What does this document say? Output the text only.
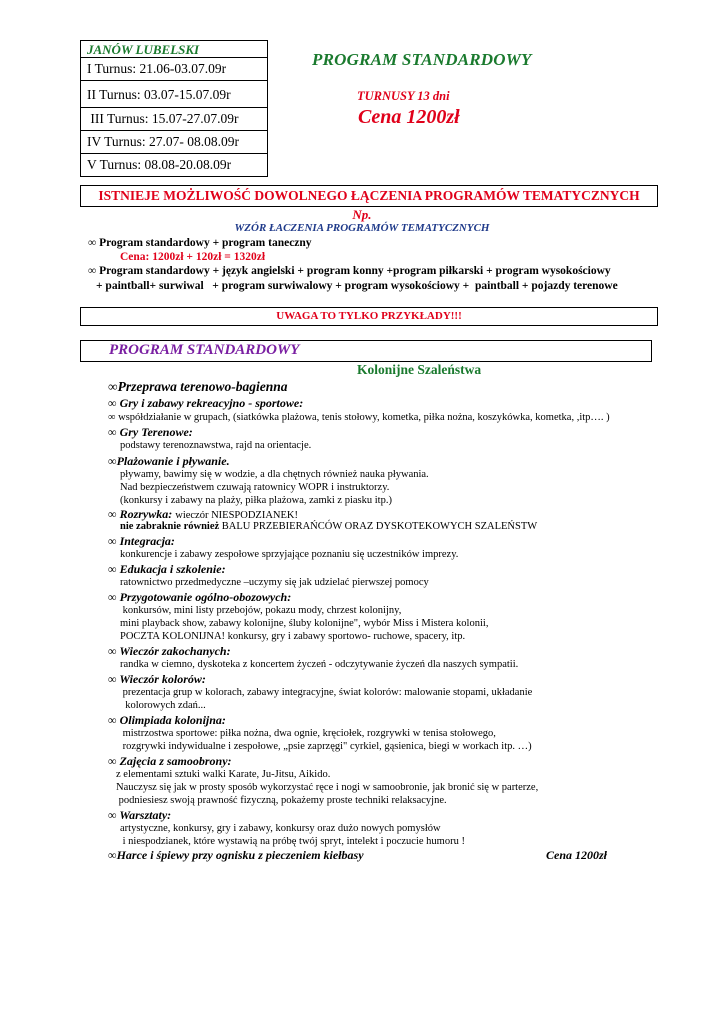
JANÓW LUBELSKI
I Turnus: 21.06-03.07.09r
II Turnus: 03.07-15.07.09r
III Turnus: 15.07-27.07.09r
IV Turnus: 27.07- 08.08.09r
V Turnus: 08.08-20.08.09r
PROGRAM STANDARDOWY
TURNUSY 13 dni
Cena 1200zł
ISTNIEJE MOŻLIWOŚĆ DOWOLNEGO ŁĄCZENIA PROGRAMÓW TEMATYCZNYCH
Np.
WZÓR ŁACZENIA PROGRAMÓW TEMATYCZNYCH
∞ Program standardowy + program taneczny
Cena: 1200zł + 120zł = 1320zł
∞ Program standardowy + język angielski + program konny +program piłkarski + program wysokościowy
+ paintball+ surwiwal   + program surwiwalowy + program wysokościowy +  paintball + pojazdy terenowe
UWAGA TO TYLKO PRZYKŁADY!!!
PROGRAM STANDARDOWY
Kolonijne Szaleństwa
∞Przeprawa terenowo-bagienna
∞ Gry i zabawy rekreacyjno - sportowe:
∞ współdziałanie w grupach, (siatkówka plażowa, tenis stołowy, kometka, piłka nożna, koszykówka, kometka, ,itp…. )
∞ Gry Terenowe:
podstawy terenoznawstwa, rajd na orientacje.
∞Plażowanie i pływanie.
pływamy, bawimy się w wodzie, a dla chętnych również nauka pływania.
Nad bezpieczeństwem czuwają ratownicy WOPR i instruktorzy.
(konkursy i zabawy na plaży, piłka plażowa, zamki z piasku itp.)
∞ Rozrywka: wieczór NIESPODZIANEK!
nie zabraknie również BALU PRZEBIERAŃCÓW ORAZ DYSKOTEKOWYCH SZALEŃSTW
∞ Integracja:
konkurencje i zabawy zespołowe sprzyjające poznaniu się uczestników imprezy.
∞ Edukacja i szkolenie:
ratownictwo przedmedyczne –uczymy się jak udzielać pierwszej pomocy
∞ Przygotowanie ogólno-obozowych:
konkursów, mini listy przebojów, pokazu mody, chrzest kolonijny,
mini playback show, zabawy kolonijne, śluby kolonijne", wybór Miss i Mistera kolonii,
POCZTA KOLONIJNA! konkursy, gry i zabawy sportowo- ruchowe, spacery, itp.
∞ Wieczór zakochanych:
randka w ciemno, dyskoteka z koncertem życzeń - odczytywanie życzeń dla naszych sympatii.
∞ Wieczór kolorów:
prezentacja grup w kolorach, zabawy integracyjne, świat kolorów: malowanie stopami, układanie
kolorowych zdań...
∞ Olimpiada kolonijna:
mistrzostwa sportowe: piłka nożna, dwa ognie, kręciołek, rozgrywki w tenisa stołowego,
rozgrywki indywidualne i zespołowe, „psie zaprzęgi" cyrkiel, gąsienica, biegi w workach itp. …)
∞ Zajęcia z samoobrony:
z elementami sztuki walki Karate, Ju-Jitsu, Aikido.
Nauczysz się jak w prosty sposób wykorzystać ręce i nogi w samoobronie, jak bronić się w parterze,
podniesiesz swoją prawność fizyczną, pokażemy proste techniki relaksacyjne.
∞ Warsztaty:
artystyczne, konkursy, gry i zabawy, konkursy oraz dużo nowych pomysłów
i niespodzianek, które wystawią na próbę twój spryt, intelekt i poczucie humoru !
∞Harce i śpiewy przy ognisku z pieczeniem kiełbasy	Cena 1200zł
